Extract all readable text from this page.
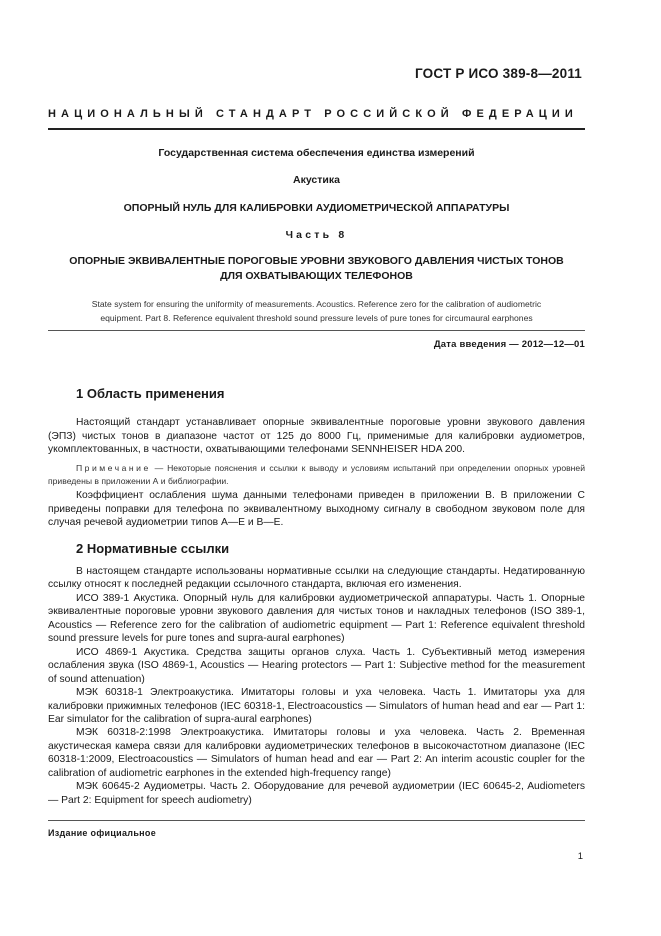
ГОСТ Р ИСО 389-8—2011
НАЦИОНАЛЬНЫЙ СТАНДАРТ РОССИЙСКОЙ ФЕДЕРАЦИИ
Государственная система обеспечения единства измерений
Акустика
ОПОРНЫЙ НУЛЬ ДЛЯ КАЛИБРОВКИ АУДИОМЕТРИЧЕСКОЙ АППАРАТУРЫ
Часть 8
ОПОРНЫЕ ЭКВИВАЛЕНТНЫЕ ПОРОГОВЫЕ УРОВНИ ЗВУКОВОГО ДАВЛЕНИЯ ЧИСТЫХ ТОНОВ
ДЛЯ ОХВАТЫВАЮЩИХ ТЕЛЕФОНОВ
State system for ensuring the uniformity of measurements. Acoustics. Reference zero for the calibration of audiometric
equipment. Part 8. Reference equivalent threshold sound pressure levels of pure tones for circumaural earphones
Дата введения — 2012—12—01
1 Область применения
Настоящий стандарт устанавливает опорные эквивалентные пороговые уровни звукового давления (ЭПЗ) чистых тонов в диапазоне частот от 125 до 8000 Гц, применимые для калибровки аудиометров, укомплектованных, в частности, охватывающими телефонами SENNHEISER HDA 200.
Примечание — Некоторые пояснения и ссылки к выводу и условиям испытаний при определении опорных уровней приведены в приложении А и библиографии.
Коэффициент ослабления шума данными телефонами приведен в приложении В. В приложении С приведены поправки для телефона по эквивалентному выходному сигналу в свободном звуковом поле для случая речевой аудиометрии типов А—Е и В—Е.
2 Нормативные ссылки

В настоящем стандарте использованы нормативные ссылки на следующие стандарты. Недатированную ссылку относят к последней редакции ссылочного стандарта, включая его изменения.

ИСО 389-1 Акустика. Опорный нуль для калибровки аудиометрической аппаратуры. Часть 1. Опорные эквивалентные пороговые уровни звукового давления для чистых тонов и накладных телефонов (ISO 389-1, Acoustics — Reference zero for the calibration of audiometric equipment — Part 1: Reference equivalent threshold sound pressure levels for pure tones and supra-aural earphones)

ИСО 4869-1 Акустика. Средства защиты органов слуха. Часть 1. Субъективный метод измерения ослабления звука (ISO 4869-1, Acoustics — Hearing protectors — Part 1: Subjective method for the measurement of sound attenuation)

МЭК 60318-1 Электроакустика. Имитаторы головы и уха человека. Часть 1. Имитаторы уха для калибровки прижимных телефонов (IEC 60318-1, Electroacoustics — Simulators of human head and ear — Part 1: Ear simulator for the calibration of supra-aural earphones)

МЭК 60318-2:1998 Электроакустика. Имитаторы головы и уха человека. Часть 2. Временная акустическая камера связи для калибровки аудиометрических телефонов в высокочастотном диапазоне (IEC 60318-1:2009, Electroacoustics — Simulators of human head and ear — Part 2: An interim acoustic coupler for the calibration of audiometric earphones in the extended high-frequency range)

МЭК 60645-2 Аудиометры. Часть 2. Оборудование для речевой аудиометрии (IEC 60645-2, Audiometers — Part 2: Equipment for speech audiometry)

Издание официальное
1
